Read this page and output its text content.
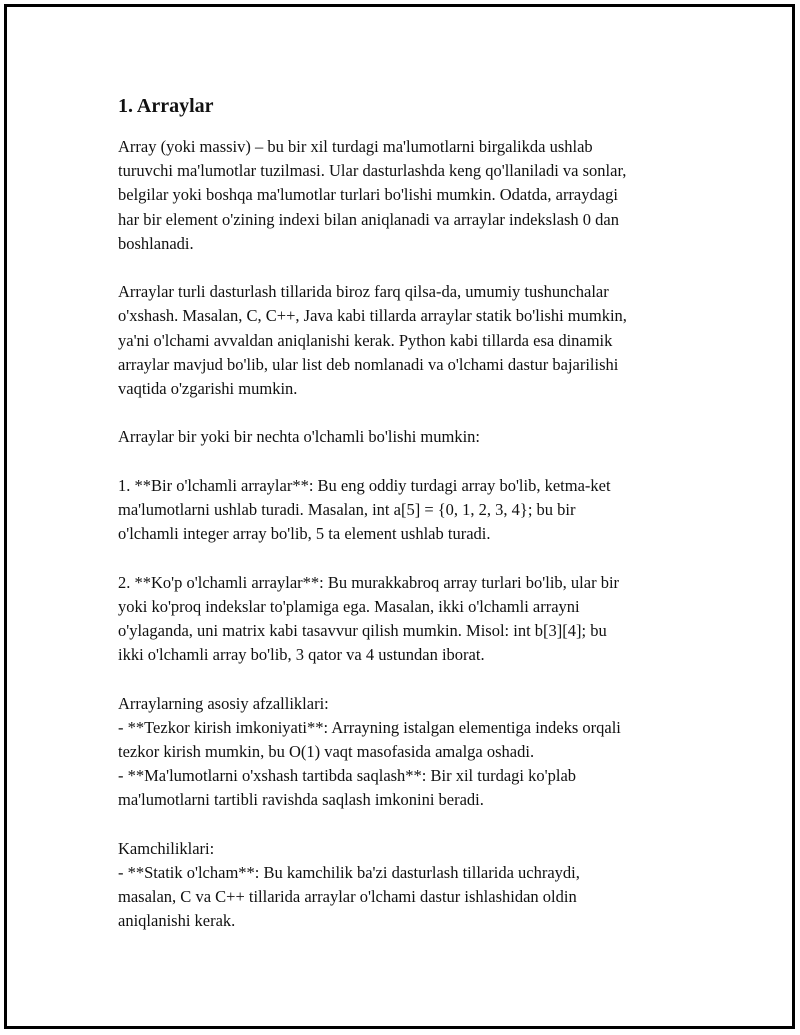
1. Arraylar
Array (yoki massiv) – bu bir xil turdagi ma'lumotlarni birgalikda ushlab
turuvchi ma'lumotlar tuzilmasi. Ular dasturlashda keng qo'llaniladi va sonlar,
belgilar yoki boshqa ma'lumotlar turlari bo'lishi mumkin. Odatda, arraydagi
har bir element o'zining indexi bilan aniqlanadi va arraylar indekslash 0 dan
boshlanadi.
Arraylar turli dasturlash tillarida biroz farq qilsa-da, umumiy tushunchalar
o'xshash. Masalan, C, C++, Java kabi tillarda arraylar statik bo'lishi mumkin,
ya'ni o'lchami avvaldan aniqlanishi kerak. Python kabi tillarda esa dinamik
arraylar mavjud bo'lib, ular list deb nomlanadi va o'lchami dastur bajarilishi
vaqtida o'zgarishi mumkin.
Arraylar bir yoki bir nechta o'lchamli bo'lishi mumkin:
1. **Bir o'lchamli arraylar**: Bu eng oddiy turdagi array bo'lib, ketma-ket
ma'lumotlarni ushlab turadi. Masalan, int a[5] = {0, 1, 2, 3, 4}; bu bir
o'lchamli integer array bo'lib, 5 ta element ushlab turadi.
2. **Ko'p o'lchamli arraylar**: Bu murakkabroq array turlari bo'lib, ular bir
yoki ko'proq indekslar to'plamiga ega. Masalan, ikki o'lchamli arrayni
o'ylaganda, uni matrix kabi tasavvur qilish mumkin. Misol: int b[3][4]; bu
ikki o'lchamli array bo'lib, 3 qator va 4 ustundan iborat.
Arraylarning asosiy afzalliklari:
- **Tezkor kirish imkoniyati**: Arrayning istalgan elementiga indeks orqali
tezkor kirish mumkin, bu O(1) vaqt masofasida amalga oshadi.
- **Ma'lumotlarni o'xshash tartibda saqlash**: Bir xil turdagi ko'plab
ma'lumotlarni tartibli ravishda saqlash imkonini beradi.
Kamchiliklari:
- **Statik o'lcham**: Bu kamchilik ba'zi dasturlash tillarida uchraydi,
masalan, C va C++ tillarida arraylar o'lchami dastur ishlashidan oldin
aniqlanishi kerak.
